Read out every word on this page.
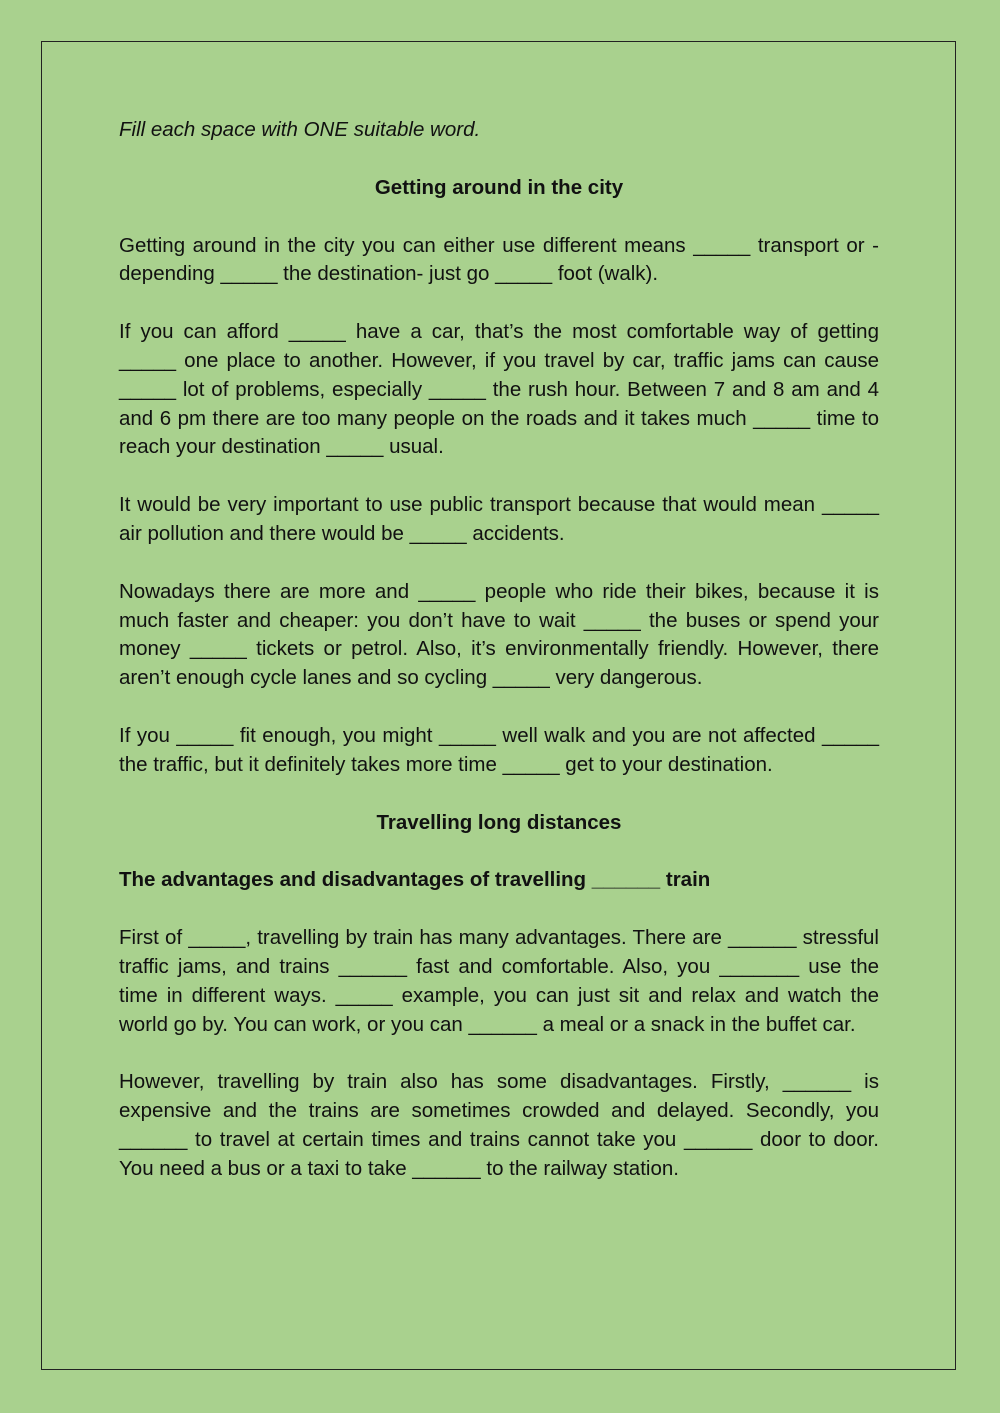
Fill each space with ONE suitable word.

Getting around in the city

Getting around in the city you can either use different means _____ transport or -depending _____ the destination- just go _____ foot (walk).

If you can afford _____ have a car, that’s the most comfortable way of getting _____ one place to another. However, if you travel by car, traffic jams can cause _____ lot of problems, especially _____ the rush hour. Between 7 and 8 am and 4 and 6 pm there are too many people on the roads and it takes much _____ time to reach your destination _____ usual.

It would be very important to use public transport because that would mean _____ air pollution and there would be _____ accidents.

Nowadays there are more and _____ people who ride their bikes, because it is much faster and cheaper: you don’t have to wait _____ the buses or spend your money _____ tickets or petrol. Also, it’s environmentally friendly. However, there aren’t enough cycle lanes and so cycling _____ very dangerous.

If you _____ fit enough, you might _____ well walk and you are not affected _____ the traffic, but it definitely takes more time _____ get to your destination.

Travelling long distances

The advantages and disadvantages of travelling ______ train

First of _____, travelling by train has many advantages. There are ______ stressful traffic jams, and trains ______ fast and comfortable. Also, you _______ use the time in different ways. _____ example, you can just sit and relax and watch the world go by. You can work, or you can ______ a meal or a snack in the buffet car.

However, travelling by train also has some disadvantages. Firstly, ______ is expensive and the trains are sometimes crowded and delayed. Secondly, you ______ to travel at certain times and trains cannot take you ______ door to door. You need a bus or a taxi to take ______ to the railway station.
